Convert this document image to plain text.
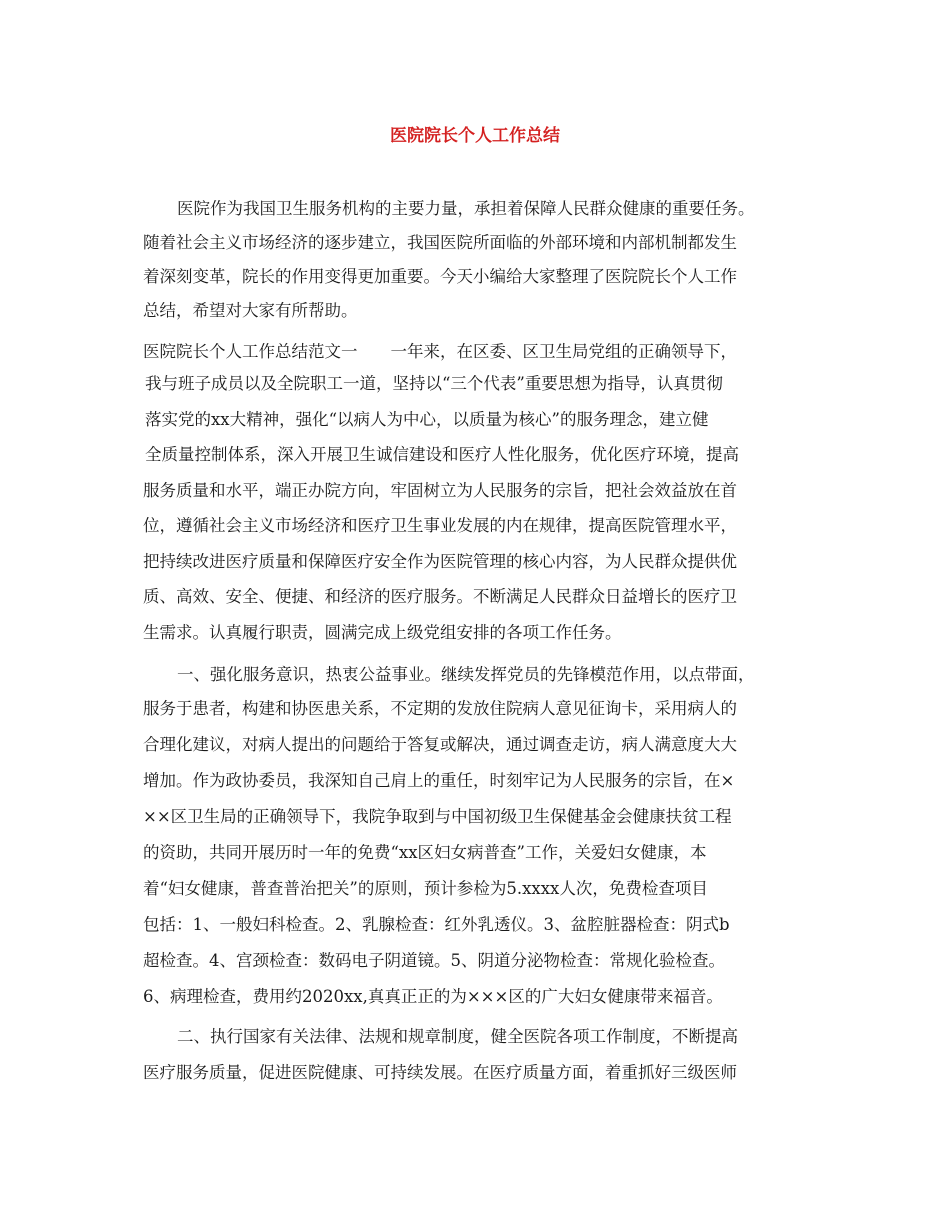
医院院长个人工作总结

医院作为我国卫生服务机构的主要力量，承担着保障人民群众健康的重要任务。

随着社会主义市场经济的逐步建立，我国医院所面临的外部环境和内部机制都发生

着深刻变革，院长的作用变得更加重要。今天小编给大家整理了医院院长个人工作

总结，希望对大家有所帮助。

医院院长个人工作总结范文一　　一年来，在区委、区卫生局党组的正确领导下，

我与班子成员以及全院职工一道，坚持以“三个代表”重要思想为指导，认真贯彻

落实党的xx大精神，强化“以病人为中心，以质量为核心”的服务理念，建立健

全质量控制体系，深入开展卫生诚信建设和医疗人性化服务，优化医疗环境，提高

服务质量和水平，端正办院方向，牢固树立为人民服务的宗旨，把社会效益放在首

位，遵循社会主义市场经济和医疗卫生事业发展的内在规律，提高医院管理水平，

把持续改进医疗质量和保障医疗安全作为医院管理的核心内容，为人民群众提供优

质、高效、安全、便捷、和经济的医疗服务。不断满足人民群众日益增长的医疗卫

生需求。认真履行职责，圆满完成上级党组安排的各项工作任务。

一、强化服务意识，热衷公益事业。继续发挥党员的先锋模范作用，以点带面，

服务于患者，构建和协医患关系，不定期的发放住院病人意见征询卡，采用病人的

合理化建议，对病人提出的问题给于答复或解决，通过调查走访，病人满意度大大

增加。作为政协委员，我深知自己肩上的重任，时刻牢记为人民服务的宗旨，在×

××区卫生局的正确领导下，我院争取到与中国初级卫生保健基金会健康扶贫工程

的资助，共同开展历时一年的免费“xx区妇女病普查”工作，关爱妇女健康，本

着“妇女健康，普查普治把关”的原则，预计参检为5.xxxx人次，免费检查项目

包括：1、一般妇科检查。2、乳腺检查：红外乳透仪。3、盆腔脏器检查：阴式b

超检查。4、宫颈检查：数码电子阴道镜。5、阴道分泌物检查：常规化验检查。

6、病理检查，费用约2020xx,真真正正的为×××区的广大妇女健康带来福音。

二、执行国家有关法律、法规和规章制度，健全医院各项工作制度，不断提高

医疗服务质量，促进医院健康、可持续发展。在医疗质量方面，着重抓好三级医师
